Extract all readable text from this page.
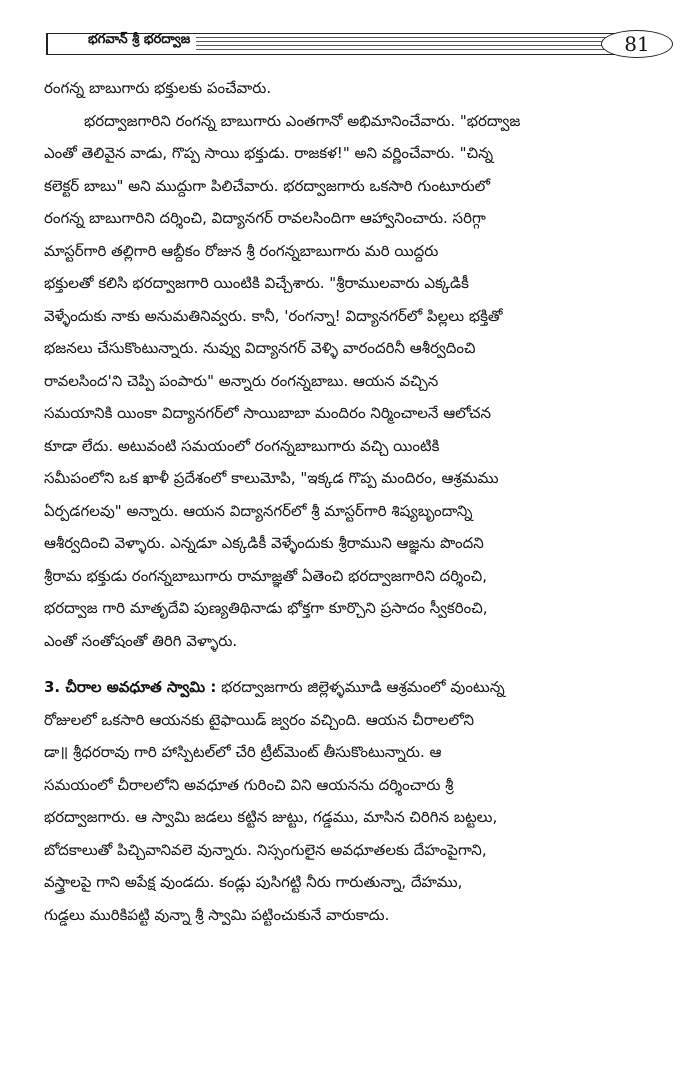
భగవాన్ శ్రీ భరద్వాజ	81
రంగన్న బాబుగారు భక్తులకు పంచేవారు.
భరద్వాజగారిని రంగన్న బాబుగారు ఎంతగానో అభిమానించేవారు. "భరద్వాజ
ఎంతో తెలివైన వాడు, గొప్ప సాయి భక్తుడు. రాజకళ!" అని వర్ణించేవారు. "చిన్న
కలెక్టర్ బాబు" అని ముద్దుగా పిలిచేవారు. భరద్వాజగారు ఒకసారి గుంటూరులో
రంగన్న బాబుగారిని దర్శించి, విద్యానగర్ రావలసిందిగా ఆహ్వానించారు. సరిగ్గా
మాస్టర్‌గారి తల్లిగారి ఆబ్దీకం రోజున శ్రీ రంగన్నబాబుగారు మరి యిద్దరు
భక్తులతో కలిసి భరద్వాజగారి యింటికి విచ్చేశారు. "శ్రీరాములవారు ఎక్కడికీ
వెళ్ళేందుకు నాకు అనుమతినివ్వరు. కానీ, 'రంగన్నా! విద్యానగర్‌లో పిల్లలు భక్తితో
భజనలు చేసుకొంటున్నారు. నువ్వు విద్యానగర్ వెళ్ళి వారందరినీ ఆశీర్వదించి
రావలసింద'ని చెప్పి పంపారు" అన్నారు రంగన్నబాబు. ఆయన వచ్చిన
సమయానికి యింకా విద్యానగర్‌లో సాయిబాబా మందిరం నిర్మించాలనే ఆలోచన
కూడా లేదు. అటువంటి సమయంలో రంగన్నబాబుగారు వచ్చి యింటికి
సమీపంలోని ఒక ఖాళీ ప్రదేశంలో కాలుమోపి, "ఇక్కడ గొప్ప మందిరం, ఆశ్రమము
ఏర్పడగలవు" అన్నారు. ఆయన విద్యానగర్‌లో శ్రీ మాస్టర్‌గారి శిష్యబృందాన్ని
ఆశీర్వదించి వెళ్ళారు. ఎన్నడూ ఎక్కడికీ వెళ్ళేందుకు శ్రీరాముని ఆజ్ఞను పొందని
శ్రీరామ భక్తుడు రంగన్నబాబుగారు రామాజ్ఞతో ఏతెంచి భరద్వాజగారిని దర్శించి,
భరద్వాజ గారి మాతృదేవి పుణ్యతిథినాడు భోక్తగా కూర్చొని ప్రసాదం స్వీకరించి,
ఎంతో సంతోషంతో తిరిగి వెళ్ళారు.
3. చీరాల అవధూత స్వామి : భరద్వాజగారు జిల్లెళ్ళమూడి ఆశ్రమంలో వుంటున్న
రోజులలో ఒకసారి ఆయనకు టైఫాయిడ్ జ్వరం వచ్చింది. ఆయన చీరాలలోని
డా॥ శ్రీధరరావు గారి హాస్పిటల్‌లో చేరి ట్రీట్‌మెంట్ తీసుకొంటున్నారు. ఆ
సమయంలో చీరాలలోని అవధూత గురించి విని ఆయనను దర్శించారు శ్రీ
భరద్వాజగారు. ఆ స్వామి జడలు కట్టిన జుట్టు, గడ్డము, మాసిన చిరిగిన బట్టలు,
బోదకాలుతో పిచ్చివానివలె వున్నారు. నిస్సంగులైన అవధూతలకు దేహంపైగాని,
వస్త్రాలపై గాని అపేక్ష వుండదు. కండ్లు పుసిగట్టి నీరు గారుతున్నా, దేహము,
గుడ్డలు మురికిపట్టి వున్నా శ్రీ స్వామి పట్టించుకునే వారుకాదు.
